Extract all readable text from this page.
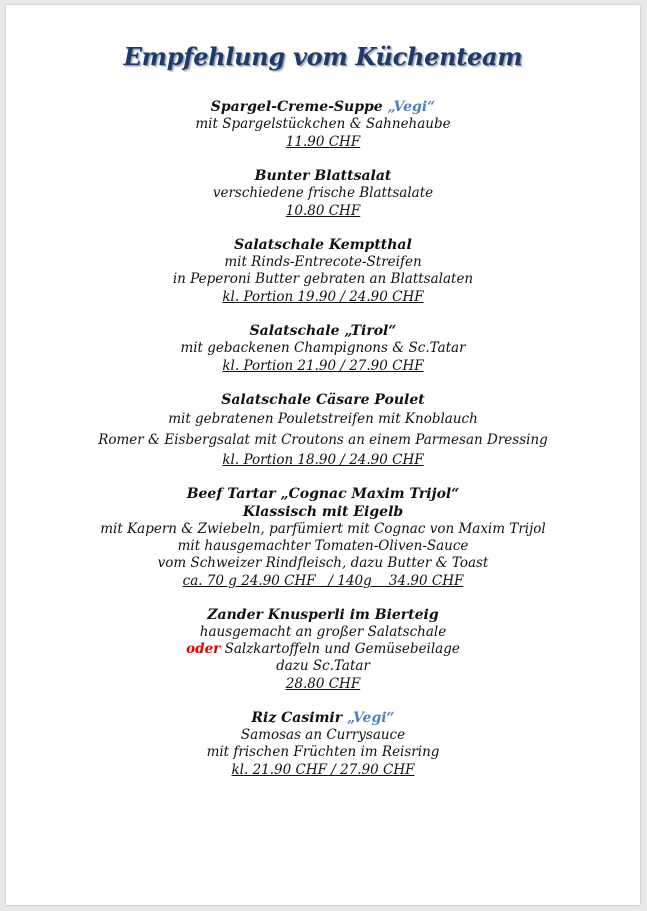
Empfehlung vom Küchenteam
Spargel-Creme-Suppe „Vegi“
mit Spargelstückchen & Sahnehaube
11.90 CHF
Bunter Blattsalat
verschiedene frische Blattsalate
10.80 CHF
Salatschale Kemptthal
mit Rinds-Entrecote-Streifen
in Peperoni Butter gebraten an Blattsalaten
kl. Portion 19.90 / 24.90 CHF
Salatschale „Tirol“
mit gebackenen Champignons & Sc.Tatar
kl. Portion 21.90 / 27.90 CHF
Salatschale Cäsare Poulet
mit gebratenen Pouletstreifen mit Knoblauch
Romer & Eisbergsalat mit Croutons an einem Parmesan Dressing
kl. Portion 18.90 / 24.90 CHF
Beef Tartar „Cognac Maxim Trijol“
Klassisch mit Eigelb
mit Kapern & Zwiebeln, parfümiert mit Cognac von Maxim Trijol
mit hausgemachter Tomaten-Oliven-Sauce
vom Schweizer Rindfleisch, dazu Butter & Toast
ca. 70 g 24.90 CHF   / 140g    34.90 CHF
Zander Knusperli im Bierteig
hausgemacht an großer Salatschale
oder Salzkartoffeln und Gemüsebeilage
dazu Sc.Tatar
28.80 CHF
Riz Casimir „Vegi“
Samosas an Currysauce
mit frischen Früchten im Reisring
kl. 21.90 CHF / 27.90 CHF
